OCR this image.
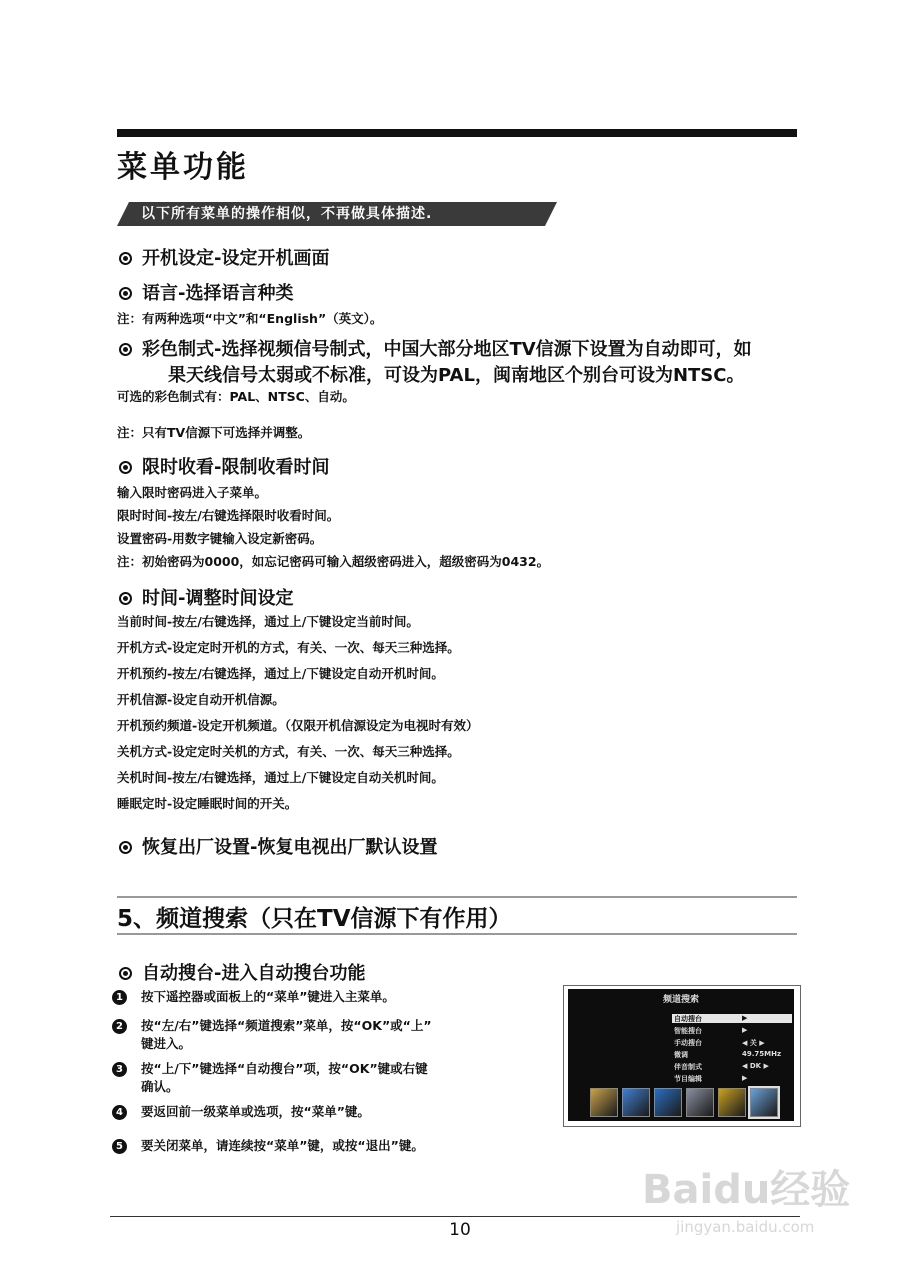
菜单功能
以下所有菜单的操作相似，不再做具体描述.
开机设定-设定开机画面
语言-选择语言种类
注：有两种选项“中文”和“English”（英文）。
彩色制式-选择视频信号制式，中国大部分地区TV信源下设置为自动即可，如
果天线信号太弱或不标准，可设为PAL，闽南地区个别台可设为NTSC。
可选的彩色制式有：PAL、NTSC、自动。
注：只有TV信源下可选择并调整。
限时收看-限制收看时间
输入限时密码进入子菜单。
限时时间-按左/右键选择限时收看时间。
设置密码-用数字键输入设定新密码。
注：初始密码为0000，如忘记密码可输入超级密码进入，超级密码为0432。
时间-调整时间设定
当前时间-按左/右键选择，通过上/下键设定当前时间。
开机方式-设定定时开机的方式，有关、一次、每天三种选择。
开机预约-按左/右键选择，通过上/下键设定自动开机时间。
开机信源-设定自动开机信源。
开机预约频道-设定开机频道。（仅限开机信源设定为电视时有效）
关机方式-设定定时关机的方式，有关、一次、每天三种选择。
关机时间-按左/右键选择，通过上/下键设定自动关机时间。
睡眠定时-设定睡眠时间的开关。
恢复出厂设置-恢复电视出厂默认设置
5、频道搜索（只在TV信源下有作用）
自动搜台-进入自动搜台功能
1 按下遥控器或面板上的“菜单”键进入主菜单。
2 按“左/右”键选择“频道搜索”菜单，按“OK”或“上”
键进入。
3 按“上/下”键选择“自动搜台”项，按“OK”键或右键
确认。
4 要返回前一级菜单或选项，按“菜单”键。
5 要关闭菜单，请连续按“菜单”键，或按“退出”键。
频道搜索
自动搜台	▶
智能搜台	▶
手动搜台	◀ 关 ▶
微调	49.75MHz
伴音制式	◀ DK ▶
节目编辑	▶
Baidu经验
jingyan.baidu.com
10
